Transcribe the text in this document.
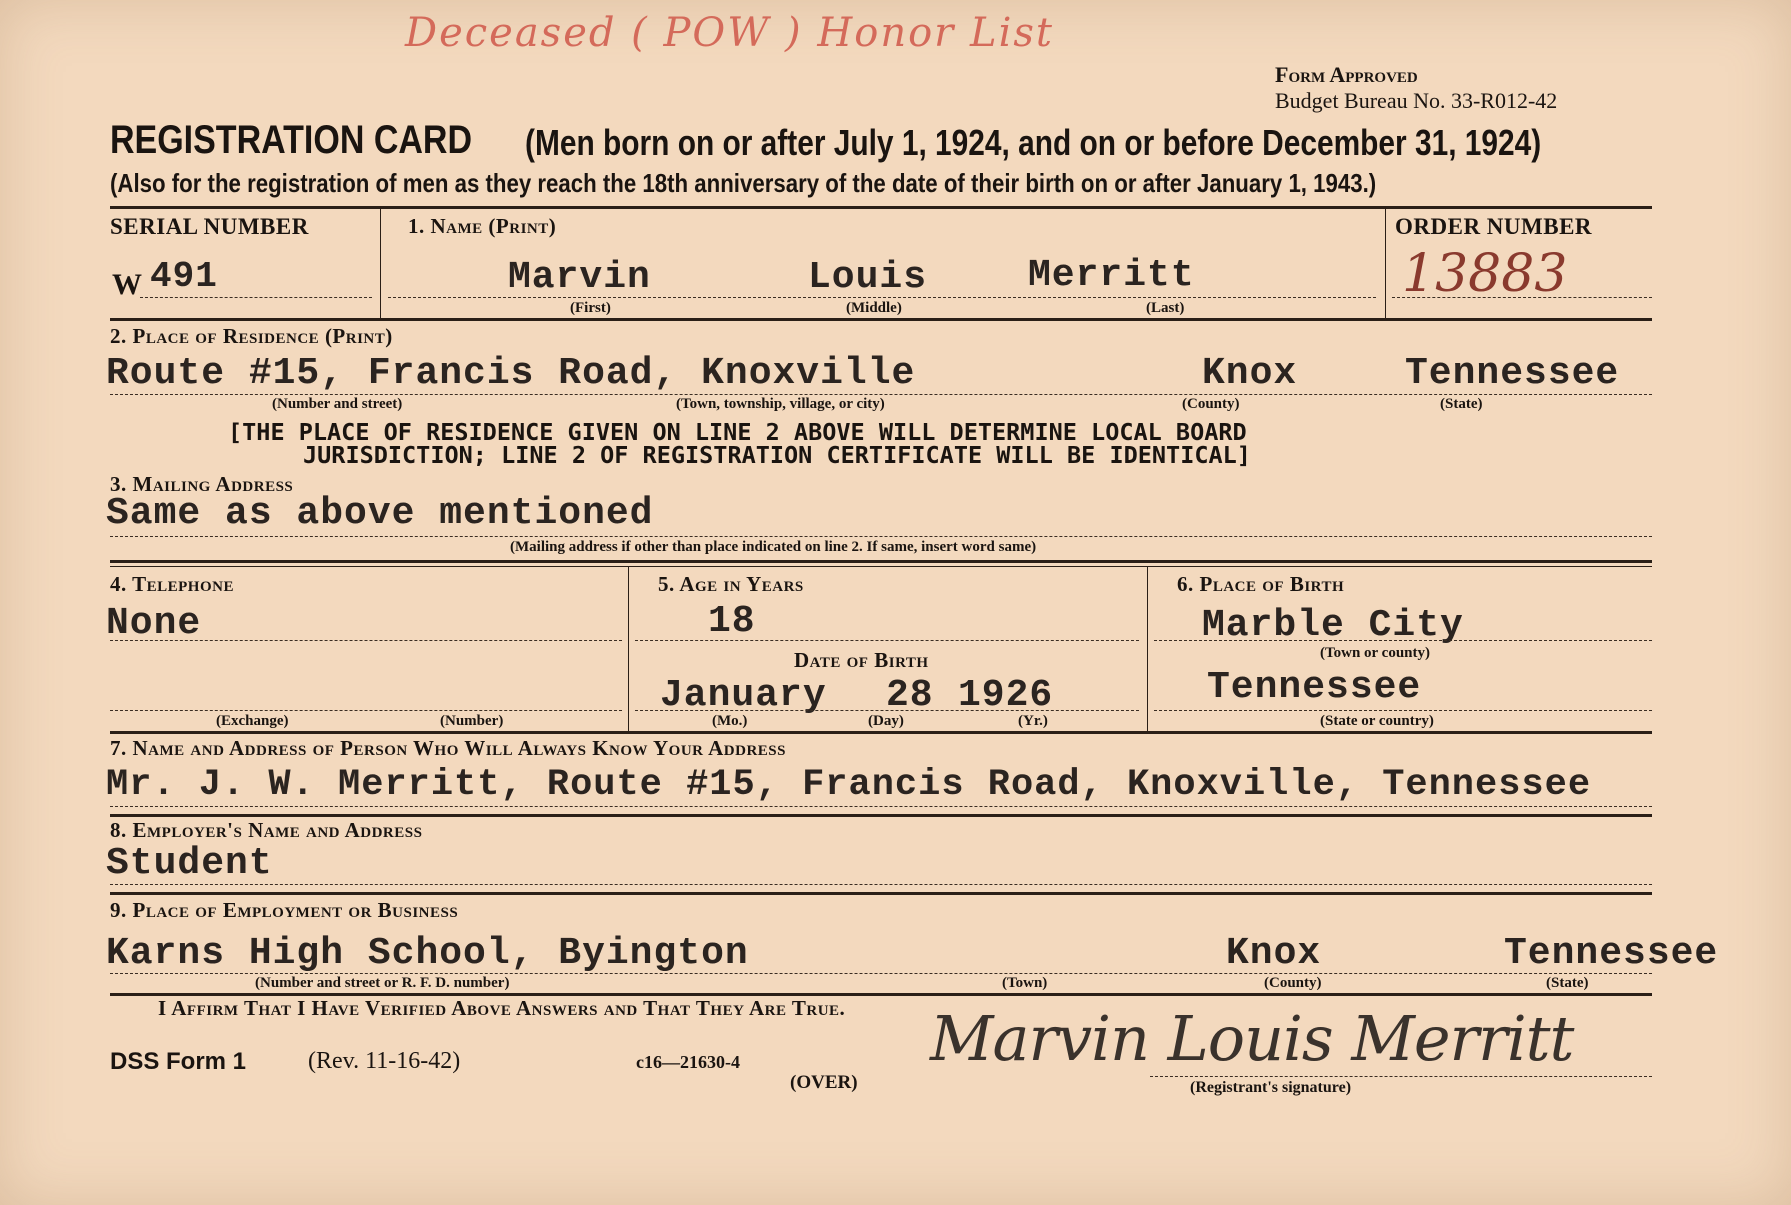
Deceased ( POW ) Honor List
Form Approved
Budget Bureau No. 33-R012-42
REGISTRATION CARD (Men born on or after July 1, 1924, and on or before December 31, 1924)
(Also for the registration of men as they reach the 18th anniversary of the date of their birth on or after January 1, 1943.)
SERIAL NUMBER
W 491
1. Name (Print)
Marvin	Louis	Merritt
(First)	(Middle)	(Last)
ORDER NUMBER
13883
2. Place of Residence (Print)
Route #15, Francis Road, Knoxville	Knox	Tennessee
(Number and street)	(Town, township, village, or city)	(County)	(State)
[THE PLACE OF RESIDENCE GIVEN ON LINE 2 ABOVE WILL DETERMINE LOCAL BOARD
JURISDICTION; LINE 2 OF REGISTRATION CERTIFICATE WILL BE IDENTICAL]
3. Mailing Address
Same as above mentioned
(Mailing address if other than place indicated on line 2. If same, insert word same)
4. Telephone
None
(Exchange)	(Number)
5. Age in Years
18
Date of Birth
January 28 1926
(Mo.)	(Day)	(Yr.)
6. Place of Birth
Marble City
(Town or county)
Tennessee
(State or country)
7. Name and Address of Person Who Will Always Know Your Address
Mr. J. W. Merritt, Route #15, Francis Road, Knoxville, Tennessee
8. Employer's Name and Address
Student
9. Place of Employment or Business
Karns High School, Byington	Knox	Tennessee
(Number and street or R. F. D. number)	(Town)	(County)	(State)
I Affirm That I Have Verified Above Answers and That They Are True.
DSS Form 1	(Rev. 11-16-42)	c16—21630-4
(OVER)
Marvin Louis Merritt
(Registrant's signature)
